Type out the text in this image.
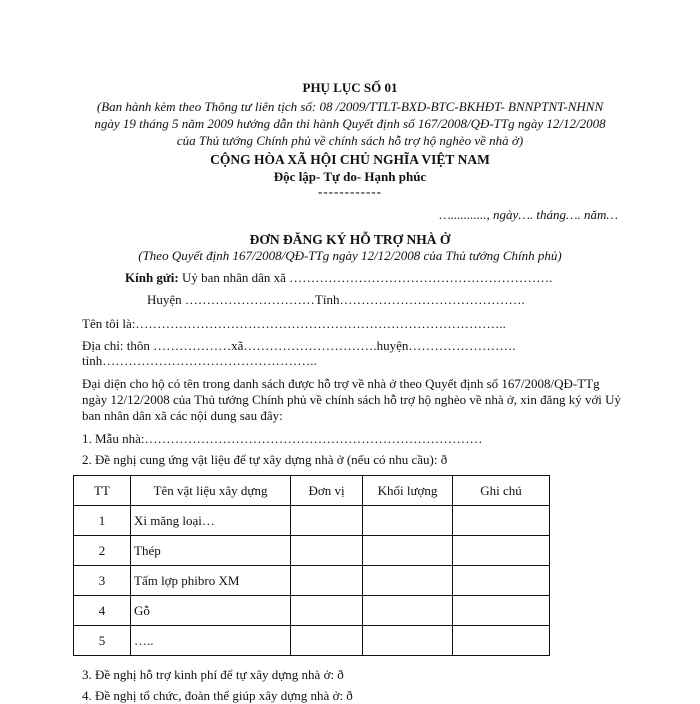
PHỤ LỤC SỐ 01
(Ban hành kèm theo Thông tư liên tịch số: 08 /2009/TTLT-BXD-BTC-BKHĐT- BNNPTNT-NHNN ngày 19 tháng 5 năm 2009 hướng dẫn thi hành Quyết định số 167/2008/QĐ-TTg ngày 12/12/2008 của Thủ tướng Chính phủ về chính sách hỗ trợ hộ nghèo về nhà ở)
CỘNG HÒA XÃ HỘI CHỦ NGHĨA VIỆT NAM
Độc lập- Tự do- Hạnh phúc
------------
…..........., ngày…. tháng…. năm…
ĐƠN ĐĂNG KÝ HỖ TRỢ NHÀ Ở
(Theo Quyết định 167/2008/QĐ-TTg ngày 12/12/2008 của Thủ tướng Chính phủ)
Kính gửi: Uỷ ban nhân dân xã …………………………………………………….
Huyện …………………………Tỉnh…………………………………….
Tên tôi là:…………………………………………………………………………..
Địa chỉ: thôn ………………xã………………………….huyện…………………….
tỉnh…………………………………………..
Đại diện cho hộ có tên trong danh sách được hỗ trợ về nhà ở theo Quyết định số 167/2008/QĐ-TTg ngày 12/12/2008 của Thủ tướng Chính phủ về chính sách hỗ trợ hộ nghèo về nhà ở, xin đăng ký với Uỷ ban nhân dân xã các nội dung sau đây:
1. Mẫu nhà:……………………………………………………………………
2. Đề nghị cung ứng vật liệu để tự xây dựng nhà ở (nếu có nhu cầu): ð
TT	Tên vật liệu xây dựng	Đơn vị	Khối lượng	Ghi chú
1	Xi măng loại…			
2	Thép			
3	Tấm lợp phibro XM			
4	Gỗ			
5	…..			
3. Đề nghị hỗ trợ kinh phí để tự xây dựng nhà ở: ð
4. Đề nghị tổ chức, đoàn thể giúp xây dựng nhà ở: ð
